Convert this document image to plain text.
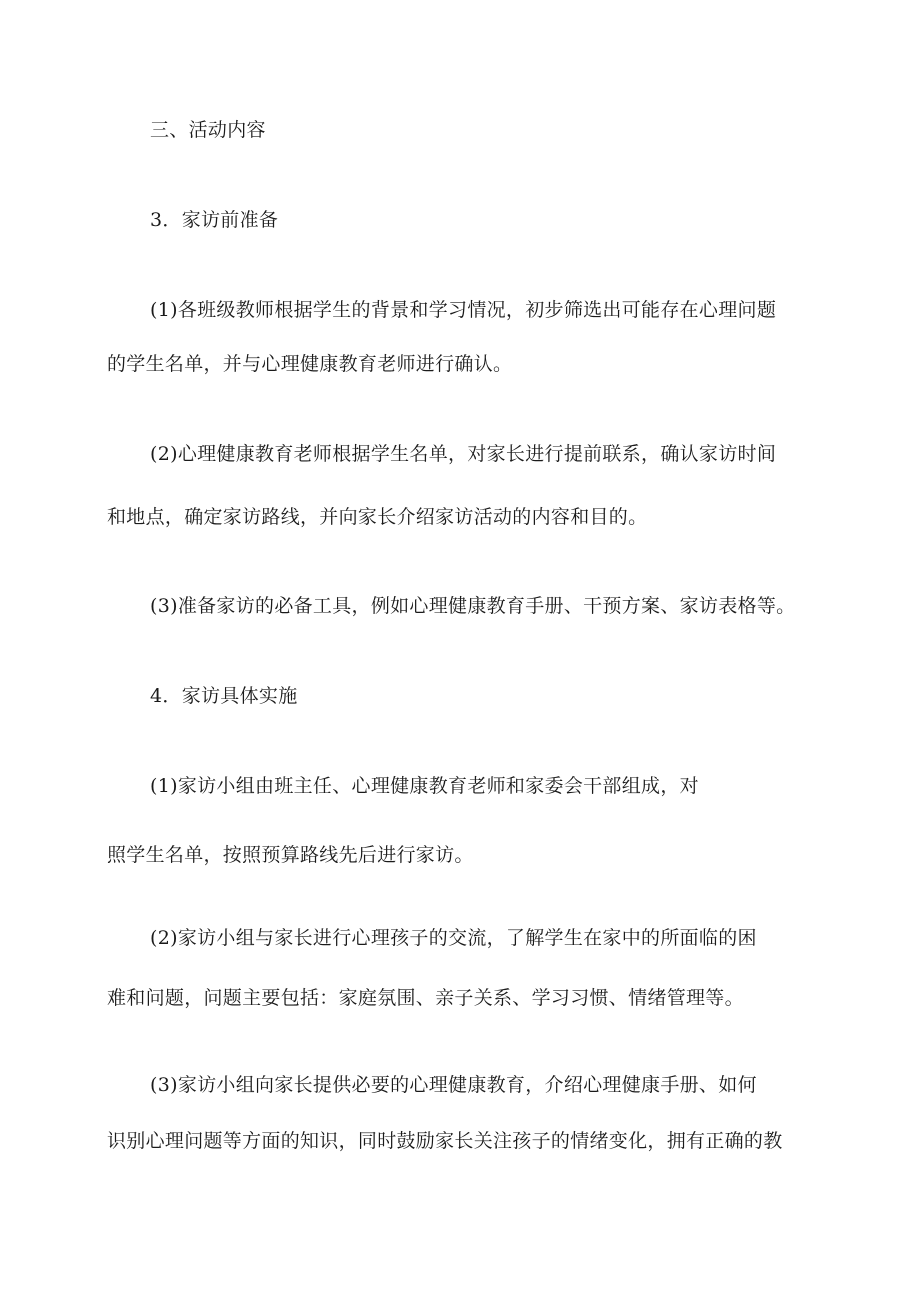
三、活动内容
3．家访前准备
(1)各班级教师根据学生的背景和学习情况，初步筛选出可能存在心理问题
的学生名单，并与心理健康教育老师进行确认。
(2)心理健康教育老师根据学生名单，对家长进行提前联系，确认家访时间
和地点，确定家访路线，并向家长介绍家访活动的内容和目的。
(3)准备家访的必备工具，例如心理健康教育手册、干预方案、家访表格等。
4．家访具体实施
(1)家访小组由班主任、心理健康教育老师和家委会干部组成，对
照学生名单，按照预算路线先后进行家访。
(2)家访小组与家长进行心理孩子的交流，了解学生在家中的所面临的困
难和问题，问题主要包括：家庭氛围、亲子关系、学习习惯、情绪管理等。
(3)家访小组向家长提供必要的心理健康教育，介绍心理健康手册、如何
识别心理问题等方面的知识，同时鼓励家长关注孩子的情绪变化，拥有正确的教
